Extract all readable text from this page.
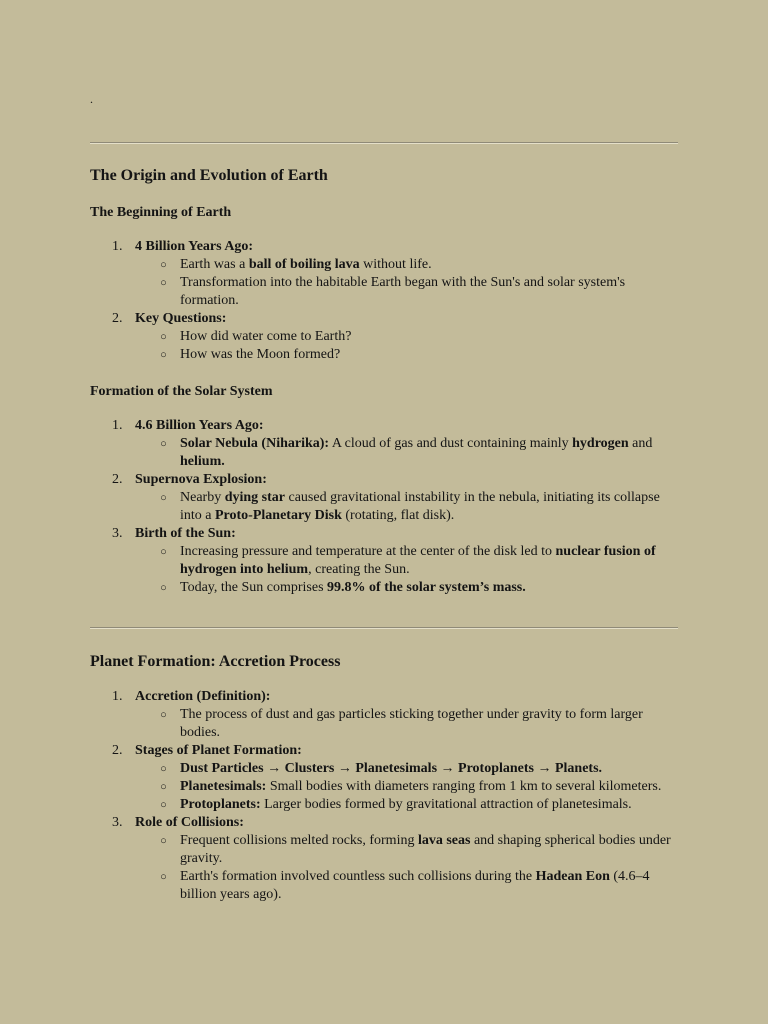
.
The Origin and Evolution of Earth
The Beginning of Earth
1. 4 Billion Years Ago:
○ Earth was a ball of boiling lava without life.
○ Transformation into the habitable Earth began with the Sun's and solar system's formation.
2. Key Questions:
○ How did water come to Earth?
○ How was the Moon formed?
Formation of the Solar System
1. 4.6 Billion Years Ago:
○ Solar Nebula (Niharika): A cloud of gas and dust containing mainly hydrogen and helium.
2. Supernova Explosion:
○ Nearby dying star caused gravitational instability in the nebula, initiating its collapse into a Proto-Planetary Disk (rotating, flat disk).
3. Birth of the Sun:
○ Increasing pressure and temperature at the center of the disk led to nuclear fusion of hydrogen into helium, creating the Sun.
○ Today, the Sun comprises 99.8% of the solar system’s mass.
Planet Formation: Accretion Process
1. Accretion (Definition):
○ The process of dust and gas particles sticking together under gravity to form larger bodies.
2. Stages of Planet Formation:
○ Dust Particles → Clusters → Planetesimals → Protoplanets → Planets.
○ Planetesimals: Small bodies with diameters ranging from 1 km to several kilometers.
○ Protoplanets: Larger bodies formed by gravitational attraction of planetesimals.
3. Role of Collisions:
○ Frequent collisions melted rocks, forming lava seas and shaping spherical bodies under gravity.
○ Earth's formation involved countless such collisions during the Hadean Eon (4.6–4 billion years ago).
